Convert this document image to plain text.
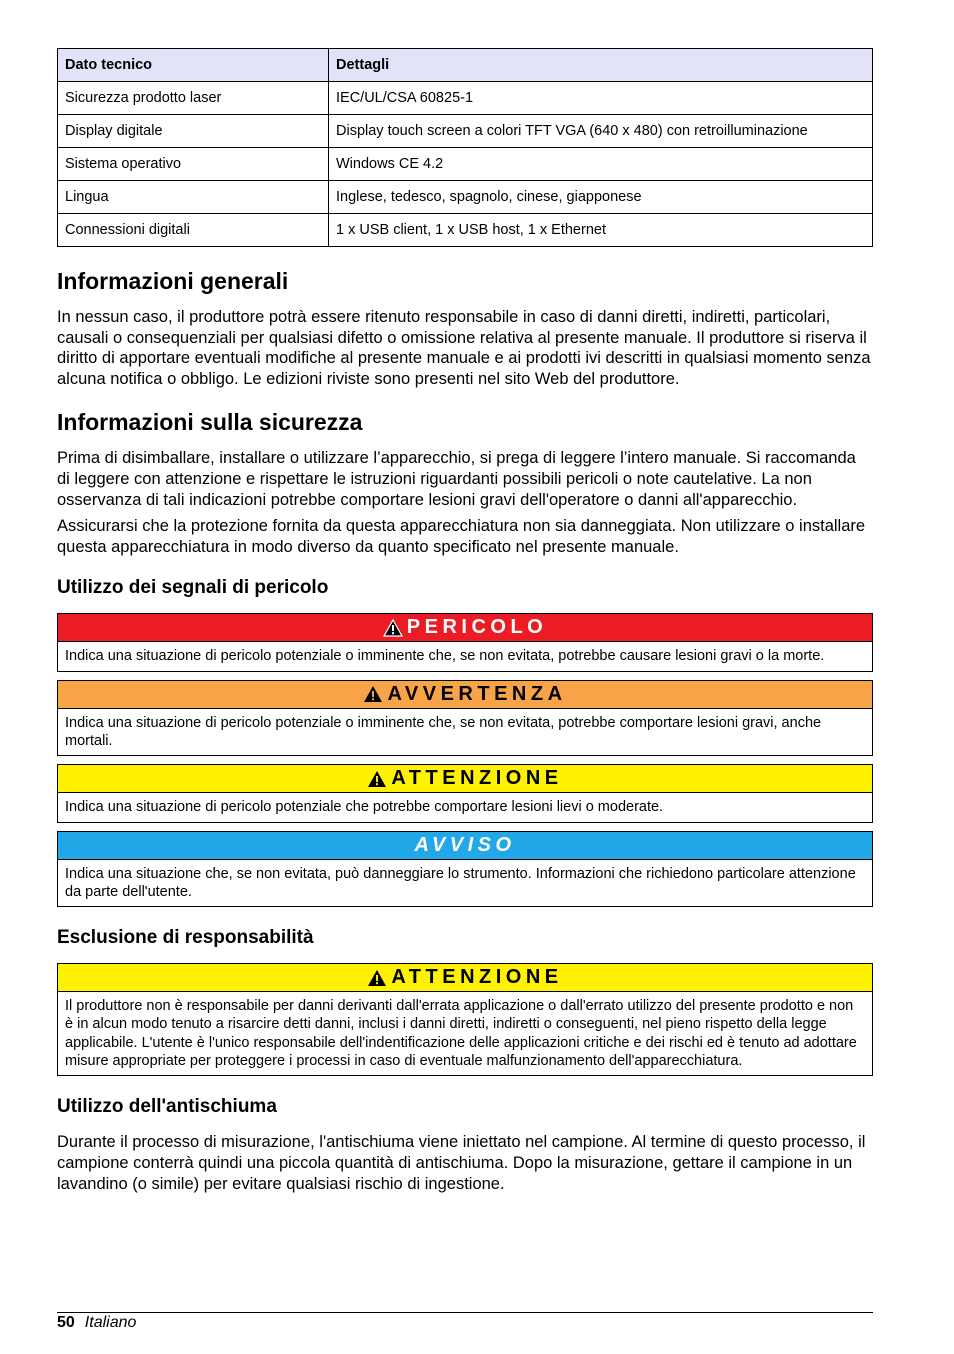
Dato tecnico	Dettagli
Sicurezza prodotto laser	IEC/UL/CSA 60825-1
Display digitale	Display touch screen a colori TFT VGA (640 x 480) con retroilluminazione
Sistema operativo	Windows CE 4.2
Lingua	Inglese, tedesco, spagnolo, cinese, giapponese
Connessioni digitali	1 x USB client, 1 x USB host, 1 x Ethernet
Informazioni generali

In nessun caso, il produttore potrà essere ritenuto responsabile in caso di danni diretti, indiretti, particolari, causali o consequenziali per qualsiasi difetto o omissione relativa al presente manuale. Il produttore si riserva il diritto di apportare eventuali modifiche al presente manuale e ai prodotti ivi descritti in qualsiasi momento senza alcuna notifica o obbligo. Le edizioni riviste sono presenti nel sito Web del produttore.

Informazioni sulla sicurezza

Prima di disimballare, installare o utilizzare l’apparecchio, si prega di leggere l’intero manuale. Si raccomanda di leggere con attenzione e rispettare le istruzioni riguardanti possibili pericoli o note cautelative. La non osservanza di tali indicazioni potrebbe comportare lesioni gravi dell'operatore o danni all'apparecchio.

Assicurarsi che la protezione fornita da questa apparecchiatura non sia danneggiata. Non utilizzare o installare questa apparecchiatura in modo diverso da quanto specificato nel presente manuale.

Utilizzo dei segnali di pericolo
PERICOLO
Indica una situazione di pericolo potenziale o imminente che, se non evitata, potrebbe causare lesioni gravi o la morte.
AVVERTENZA
Indica una situazione di pericolo potenziale o imminente che, se non evitata, potrebbe comportare lesioni gravi, anche mortali.
ATTENZIONE
Indica una situazione di pericolo potenziale che potrebbe comportare lesioni lievi o moderate.
AVVISO
Indica una situazione che, se non evitata, può danneggiare lo strumento. Informazioni che richiedono particolare attenzione da parte dell'utente.
Esclusione di responsabilità
ATTENZIONE
Il produttore non è responsabile per danni derivanti dall'errata applicazione o dall'errato utilizzo del presente prodotto e non è in alcun modo tenuto a risarcire detti danni, inclusi i danni diretti, indiretti o conseguenti, nel pieno rispetto della legge applicabile. L'utente è l'unico responsabile dell'indentificazione delle applicazioni critiche e dei rischi ed è tenuto ad adottare misure appropriate per proteggere i processi in caso di eventuale malfunzionamento dell'apparecchiatura.
Utilizzo dell'antischiuma

Durante il processo di misurazione, l'antischiuma viene iniettato nel campione. Al termine di questo processo, il campione conterrà quindi una piccola quantità di antischiuma. Dopo la misurazione, gettare il campione in un lavandino (o simile) per evitare qualsiasi rischio di ingestione.

50 Italiano
